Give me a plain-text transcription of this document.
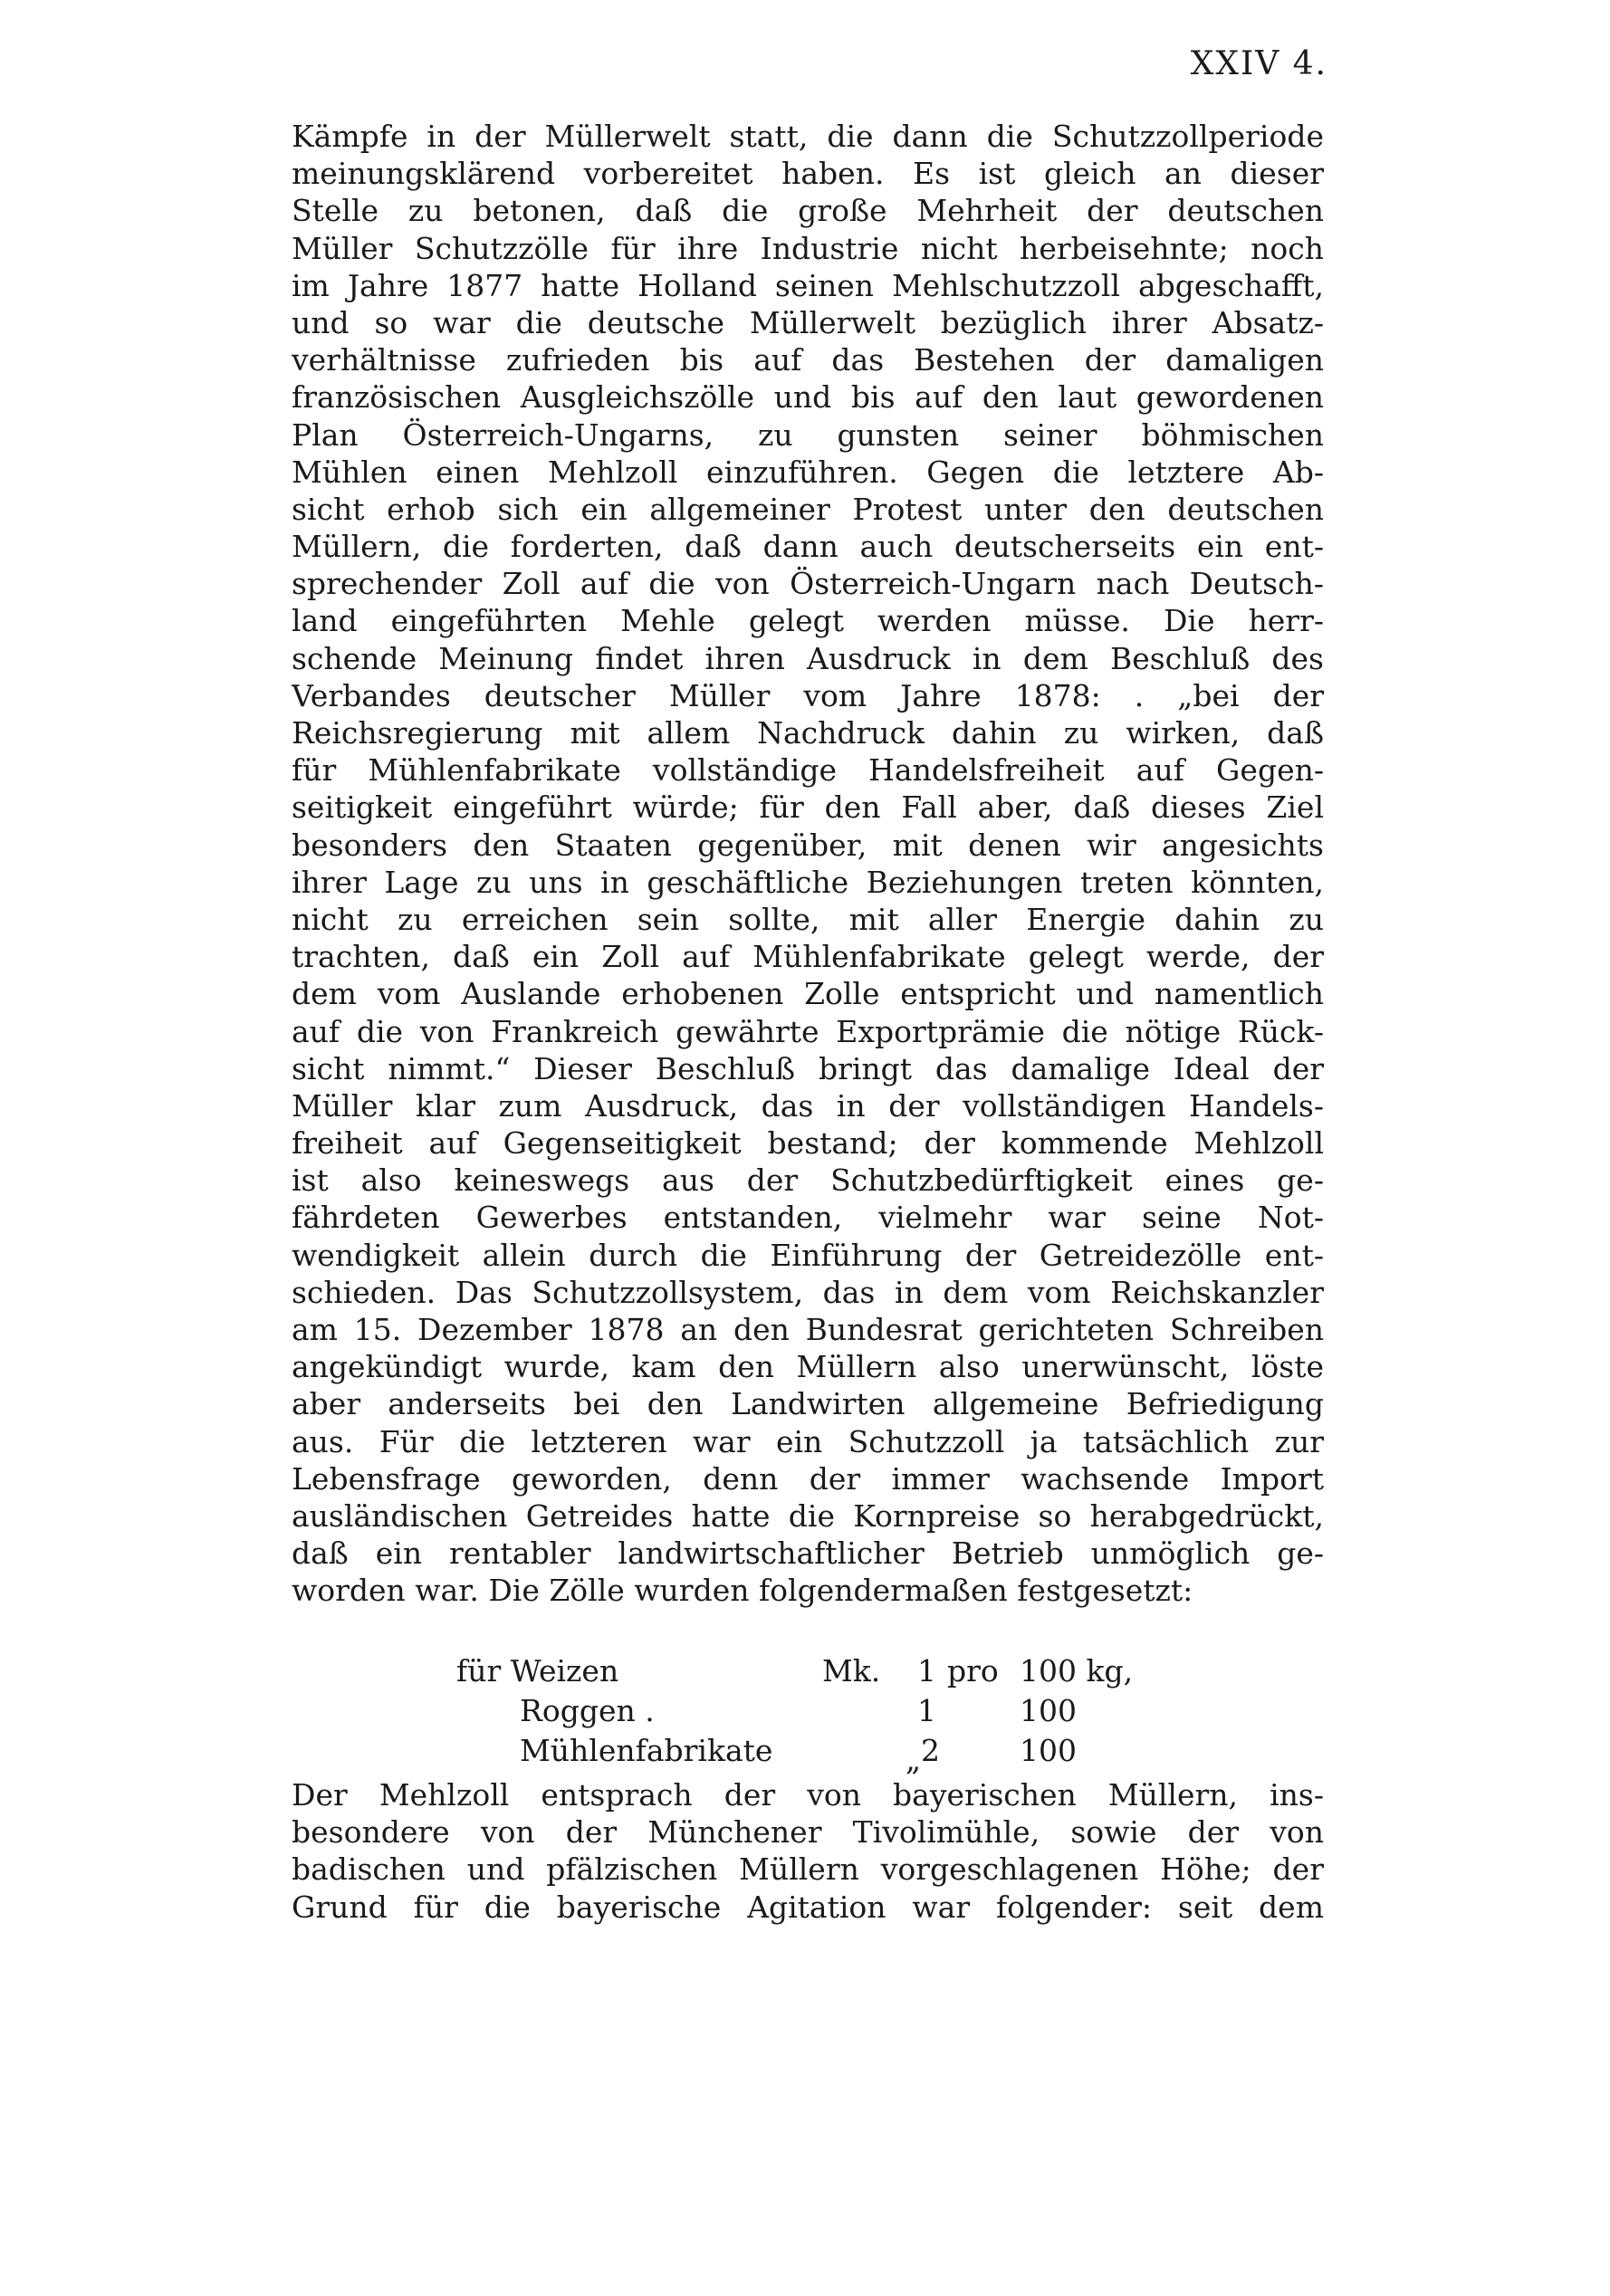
XXIV 4.
Kämpfe in der Müllerwelt statt, die dann die Schutzzollperiode
meinungsklärend vorbereitet haben. Es ist gleich an dieser
Stelle zu betonen, daß die große Mehrheit der deutschen
Müller Schutzzölle für ihre Industrie nicht herbeisehnte; noch
im Jahre 1877 hatte Holland seinen Mehlschutzzoll abgeschafft,
und so war die deutsche Müllerwelt bezüglich ihrer Absatz-
verhältnisse zufrieden bis auf das Bestehen der damaligen
französischen Ausgleichszölle und bis auf den laut gewordenen
Plan Österreich-Ungarns, zu gunsten seiner böhmischen
Mühlen einen Mehlzoll einzuführen. Gegen die letztere Ab-
sicht erhob sich ein allgemeiner Protest unter den deutschen
Müllern, die forderten, daß dann auch deutscherseits ein ent-
sprechender Zoll auf die von Österreich-Ungarn nach Deutsch-
land eingeführten Mehle gelegt werden müsse. Die herr-
schende Meinung findet ihren Ausdruck in dem Beschluß des
Verbandes deutscher Müller vom Jahre 1878: . „bei der
Reichsregierung mit allem Nachdruck dahin zu wirken, daß
für Mühlenfabrikate vollständige Handelsfreiheit auf Gegen-
seitigkeit eingeführt würde; für den Fall aber, daß dieses Ziel
besonders den Staaten gegenüber, mit denen wir angesichts
ihrer Lage zu uns in geschäftliche Beziehungen treten könnten,
nicht zu erreichen sein sollte, mit aller Energie dahin zu
trachten, daß ein Zoll auf Mühlenfabrikate gelegt werde, der
dem vom Auslande erhobenen Zolle entspricht und namentlich
auf die von Frankreich gewährte Exportprämie die nötige Rück-
sicht nimmt.“ Dieser Beschluß bringt das damalige Ideal der
Müller klar zum Ausdruck, das in der vollständigen Handels-
freiheit auf Gegenseitigkeit bestand; der kommende Mehlzoll
ist also keineswegs aus der Schutzbedürftigkeit eines ge-
fährdeten Gewerbes entstanden, vielmehr war seine Not-
wendigkeit allein durch die Einführung der Getreidezölle ent-
schieden. Das Schutzzollsystem, das in dem vom Reichskanzler
am 15. Dezember 1878 an den Bundesrat gerichteten Schreiben
angekündigt wurde, kam den Müllern also unerwünscht, löste
aber anderseits bei den Landwirten allgemeine Befriedigung
aus. Für die letzteren war ein Schutzzoll ja tatsächlich zur
Lebensfrage geworden, denn der immer wachsende Import
ausländischen Getreides hatte die Kornpreise so herabgedrückt,
daß ein rentabler landwirtschaftlicher Betrieb unmöglich ge-
worden war. Die Zölle wurden folgendermaßen festgesetzt:
für Weizen	Mk.	1 pro 100 kg,
Roggen .	1	100
Mühlenfabrikate	„ 2	100
Der Mehlzoll entsprach der von bayerischen Müllern, ins-
besondere von der Münchener Tivolimühle, sowie der von
badischen und pfälzischen Müllern vorgeschlagenen Höhe; der
Grund für die bayerische Agitation war folgender: seit dem
